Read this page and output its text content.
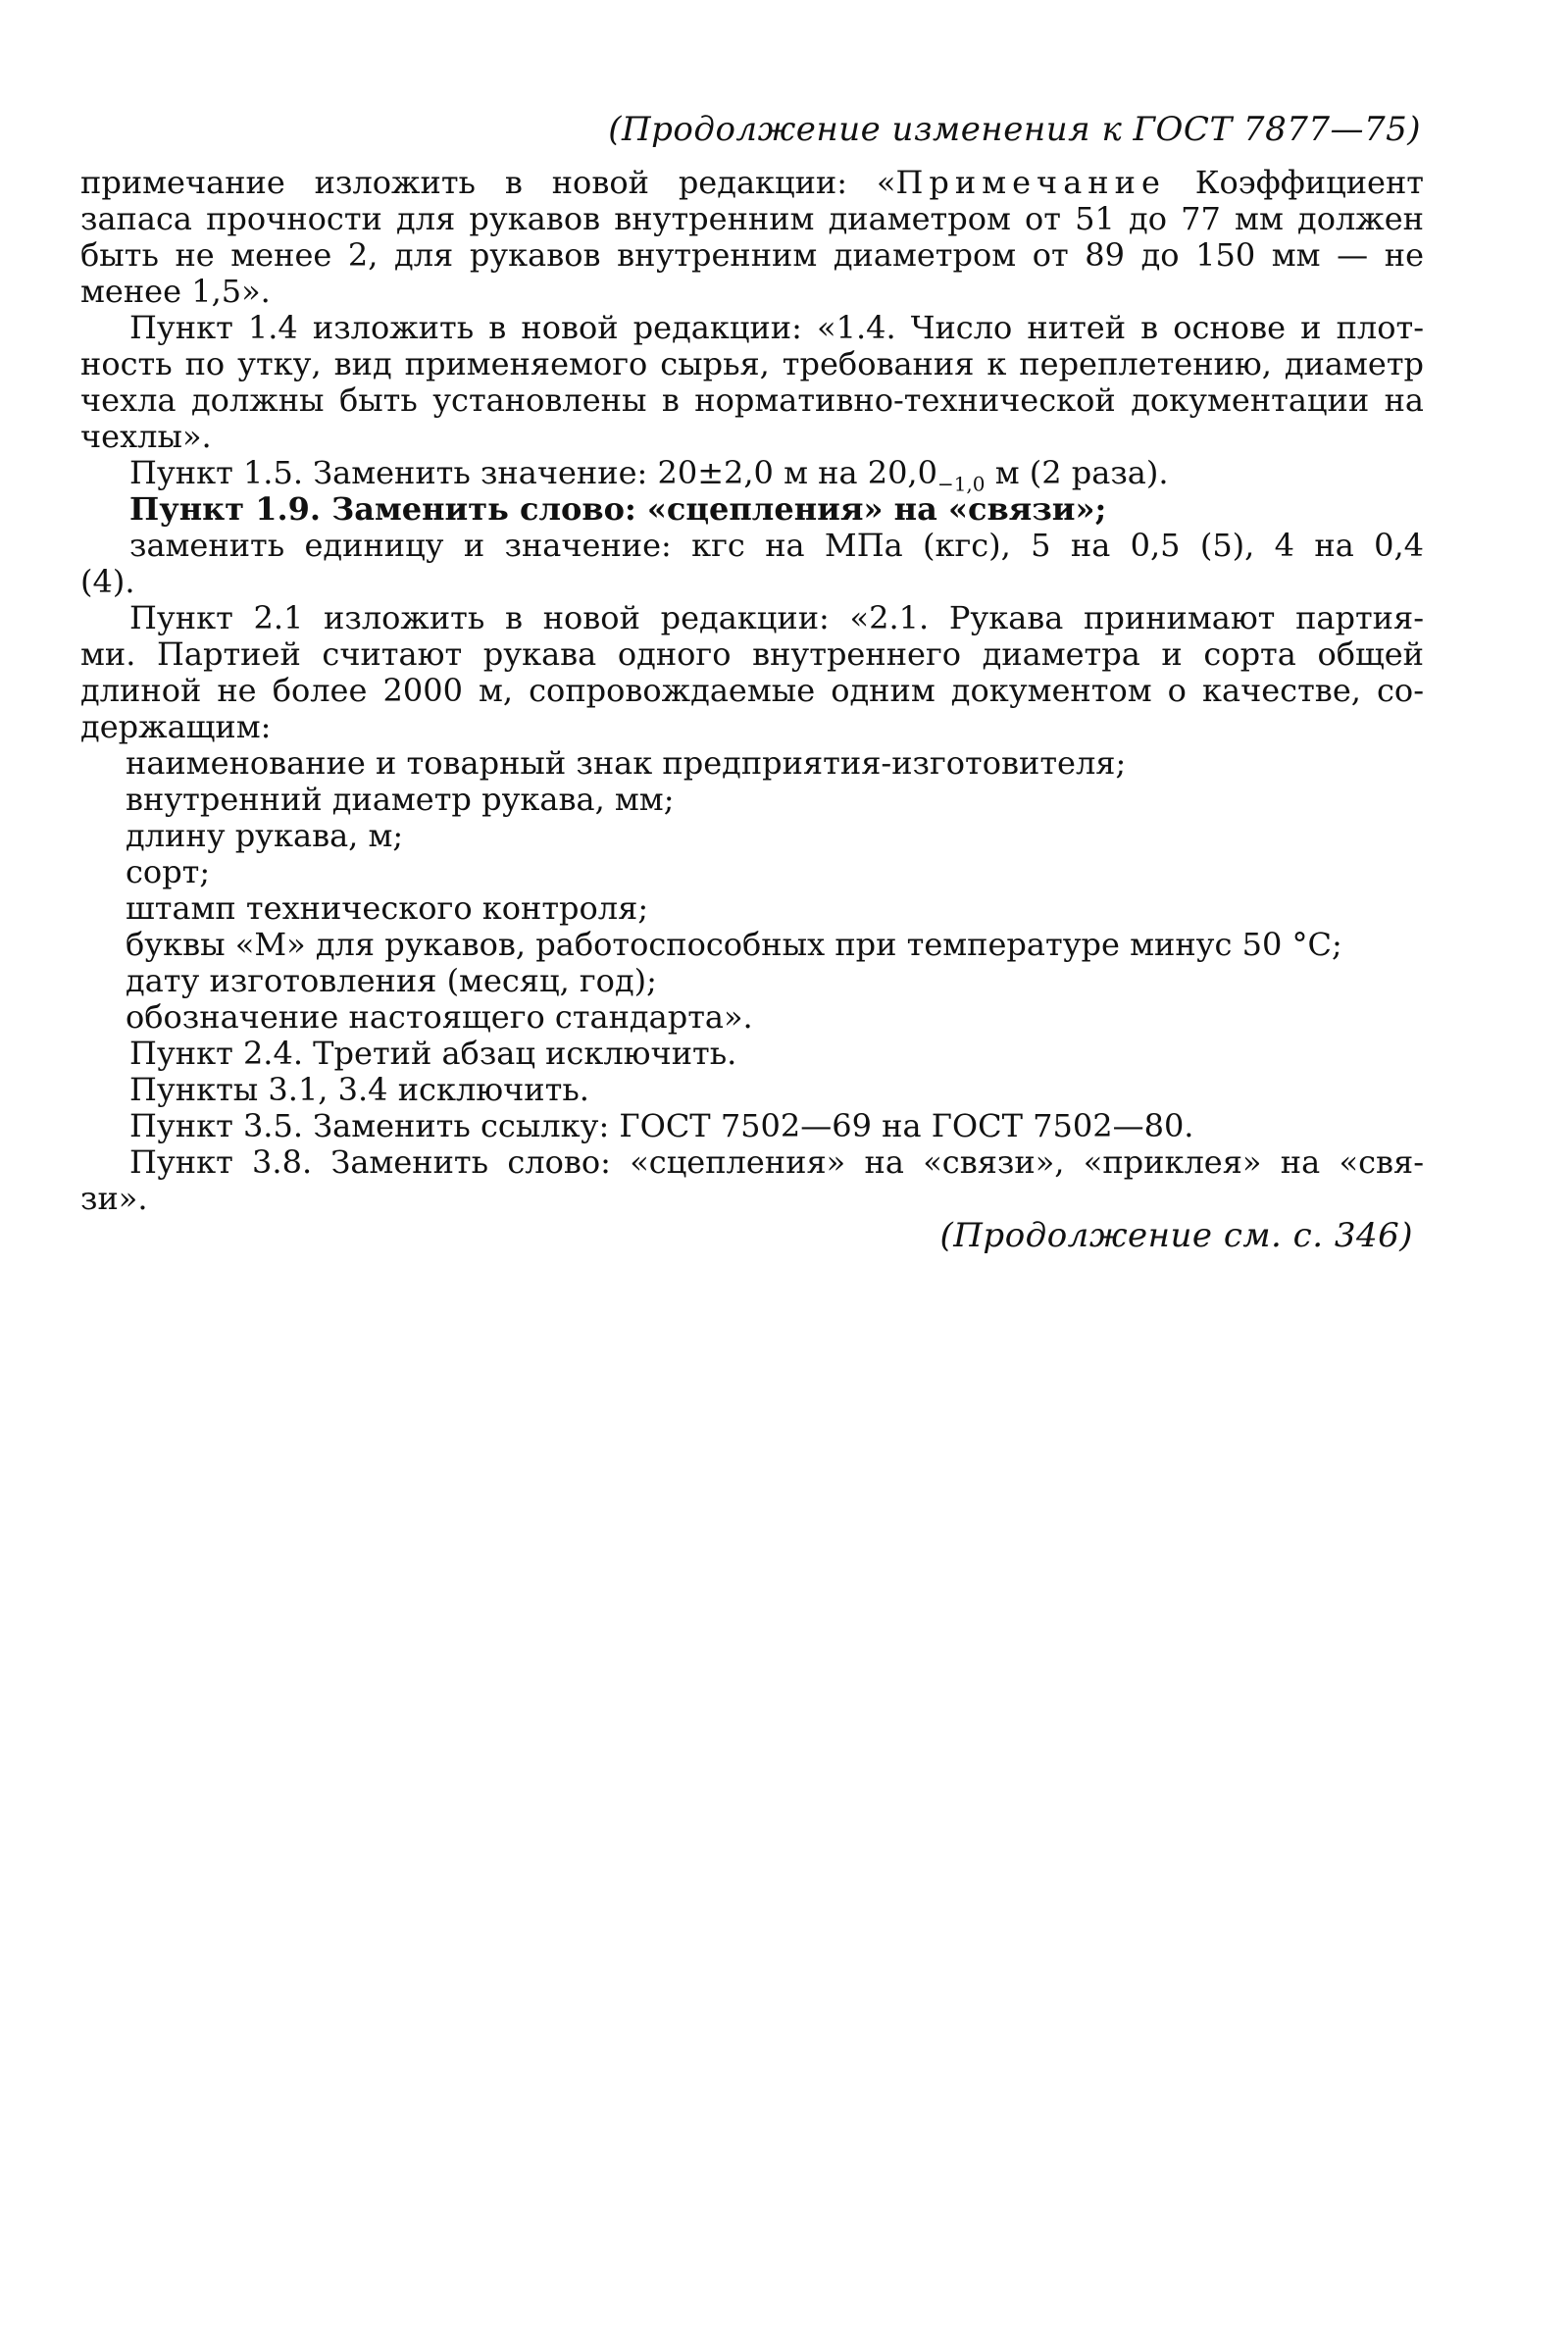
(Продолжение изменения к ГОСТ 7877—75)
примечание изложить в новой редакции: «Примечание Коэффициент
запаса прочности для рукавов внутренним диаметром от 51 до 77 мм должен
быть не менее 2, для рукавов внутренним диаметром от 89 до 150 мм — не
менее 1,5».
Пункт 1.4 изложить в новой редакции: «1.4. Число нитей в основе и плот-
ность по утку, вид применяемого сырья, требования к переплетению, диаметр
чехла должны быть установлены в нормативно-технической документации на
чехлы».
Пункт 1.5. Заменить значение: 20±2,0 м на $20,0_{-1,0}$ м (2 раза).
Пункт 1.9. Заменить слово: «сцепления» на «связи»;
заменить единицу и значение: кгс на МПа (кгс), 5 на 0,5 (5), 4 на 0,4
(4).
Пункт 2.1 изложить в новой редакции: «2.1. Рукава принимают партия-
ми. Партией считают рукава одного внутреннего диаметра и сорта общей
длиной не более 2000 м, сопровождаемые одним документом о качестве, со-
держащим:
наименование и товарный знак предприятия-изготовителя;
внутренний диаметр рукава, мм;
длину рукава, м;
сорт;
штамп технического контроля;
буквы «М» для рукавов, работоспособных при температуре минус 50 °С;
дату изготовления (месяц, год);
обозначение настоящего стандарта».
Пункт 2.4. Третий абзац исключить.
Пункты 3.1, 3.4 исключить.
Пункт 3.5. Заменить ссылку: ГОСТ 7502—69 на ГОСТ 7502—80.
Пункт 3.8. Заменить слово: «сцепления» на «связи», «приклея» на «свя-
зи».
(Продолжение см. с. 346)
